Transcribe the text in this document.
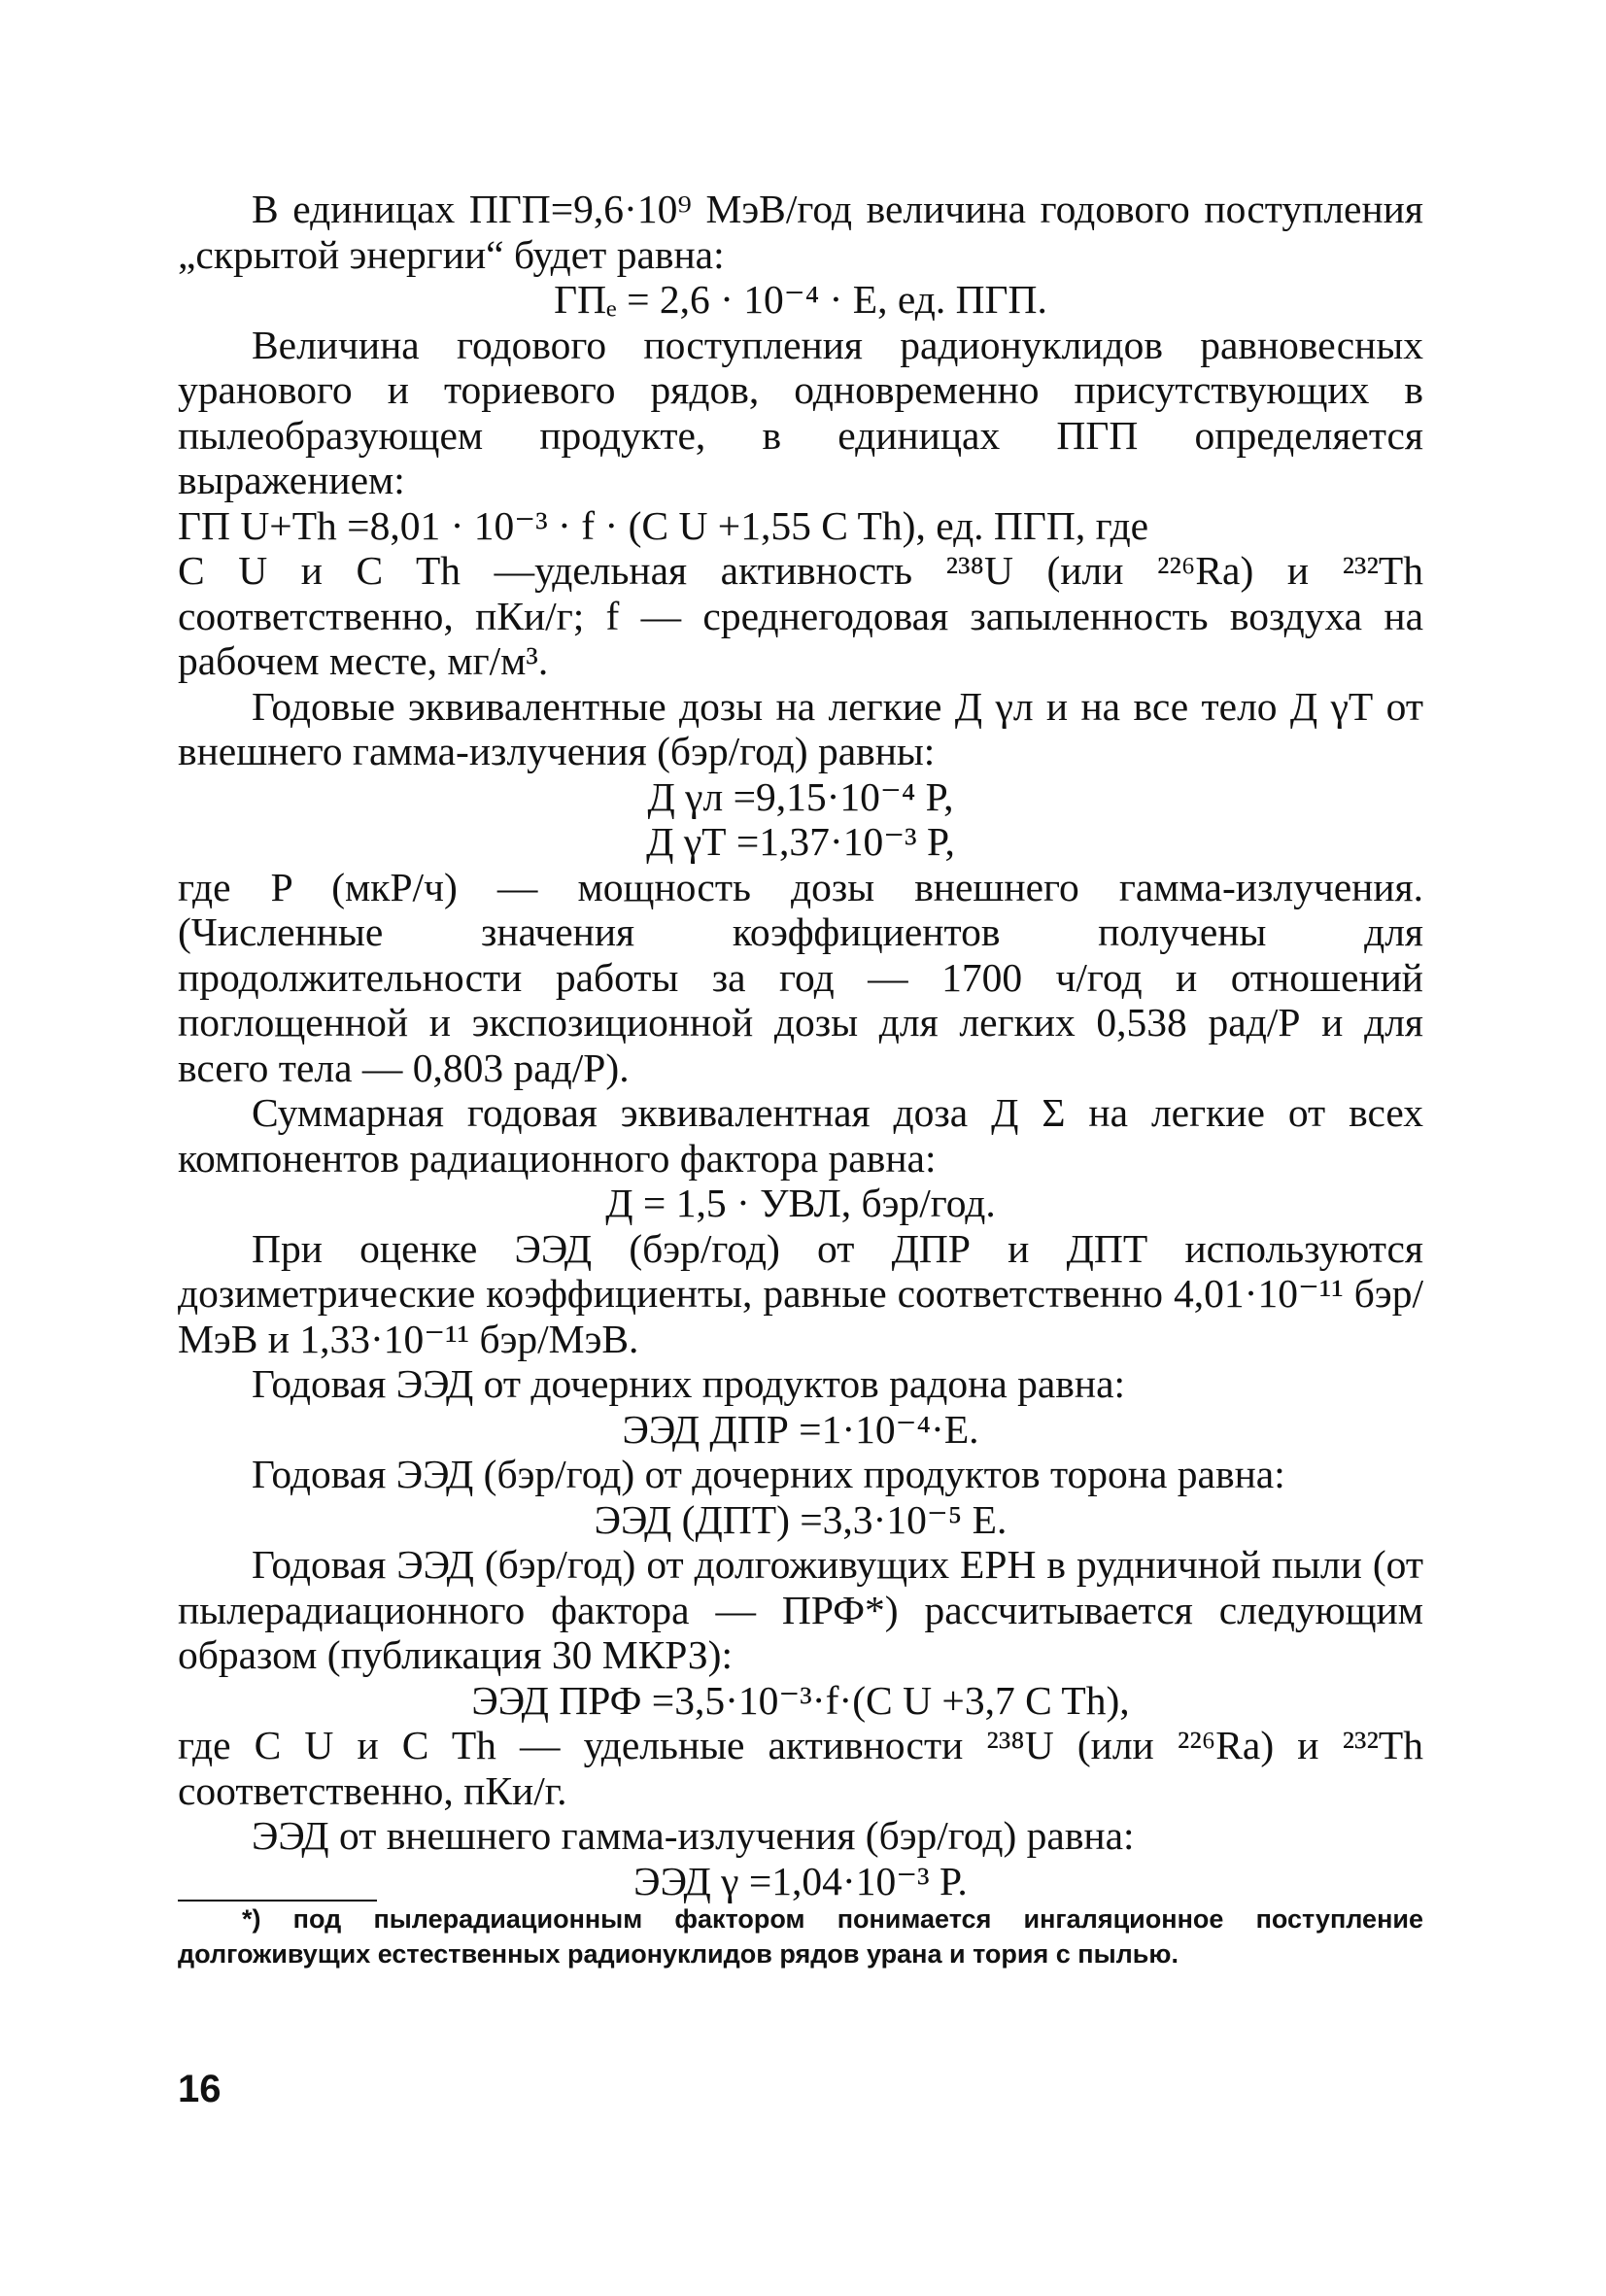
В единицах ПГП=9,6·10⁹ МэВ/год величина годового поступления „скрытой энергии“ будет равна:

ГПₑ = 2,6 · 10⁻⁴ · Е, ед. ПГП.

Величина годового поступления радионуклидов равновесных уранового и ториевого рядов, одновременно присутствующих в пылеобразующем продукте, в единицах ПГП определяется выражением:

ГП U+Th =8,01 · 10⁻³ · f · (C U +1,55 C Th), ед. ПГП, где

C U и C Th —удельная активность ²³⁸U (или ²²⁶Ra) и ²³²Th соответственно, пКи/г; f — среднегодовая запыленность воздуха на рабочем месте, мг/м³.

Годовые эквивалентные дозы на легкие Д γл и на все тело Д γТ от внешнего гамма-излучения (бэр/год) равны:

Д γл =9,15·10⁻⁴ P,

Д γТ =1,37·10⁻³ P,

где P (мкР/ч) — мощность дозы внешнего гамма-излучения. (Численные значения коэффициентов получены для продолжительности работы за год — 1700 ч/год и отношений поглощенной и экспозиционной дозы для легких 0,538 рад/Р и для всего тела — 0,803 рад/Р).

Суммарная годовая эквивалентная доза Д Σ на легкие от всех компонентов радиационного фактора равна:

Д = 1,5 · УВЛ, бэр/год.

При оценке ЭЭД (бэр/год) от ДПР и ДПТ используются дозиметрические коэффициенты, равные соответственно 4,01·10⁻¹¹ бэр/МэВ и 1,33·10⁻¹¹ бэр/МэВ.

Годовая ЭЭД от дочерних продуктов радона равна:

ЭЭД ДПР =1·10⁻⁴·E.

Годовая ЭЭД (бэр/год) от дочерних продуктов торона равна:

ЭЭД (ДПТ) =3,3·10⁻⁵ E.

Годовая ЭЭД (бэр/год) от долгоживущих ЕРН в рудничной пыли (от пылерадиационного фактора — ПРФ*) рассчитывается следующим образом (публикация 30 МКРЗ):

ЭЭД ПРФ =3,5·10⁻³·f·(C U +3,7 C Th),

где C U и C Th — удельные активности ²³⁸U (или ²²⁶Ra) и ²³²Th соответственно, пКи/г.

ЭЭД от внешнего гамма-излучения (бэр/год) равна:

ЭЭД γ =1,04·10⁻³ P.

*) под пылерадиационным фактором понимается ингаляционное поступление долгоживущих естественных радионуклидов рядов урана и тория с пылью.

16
